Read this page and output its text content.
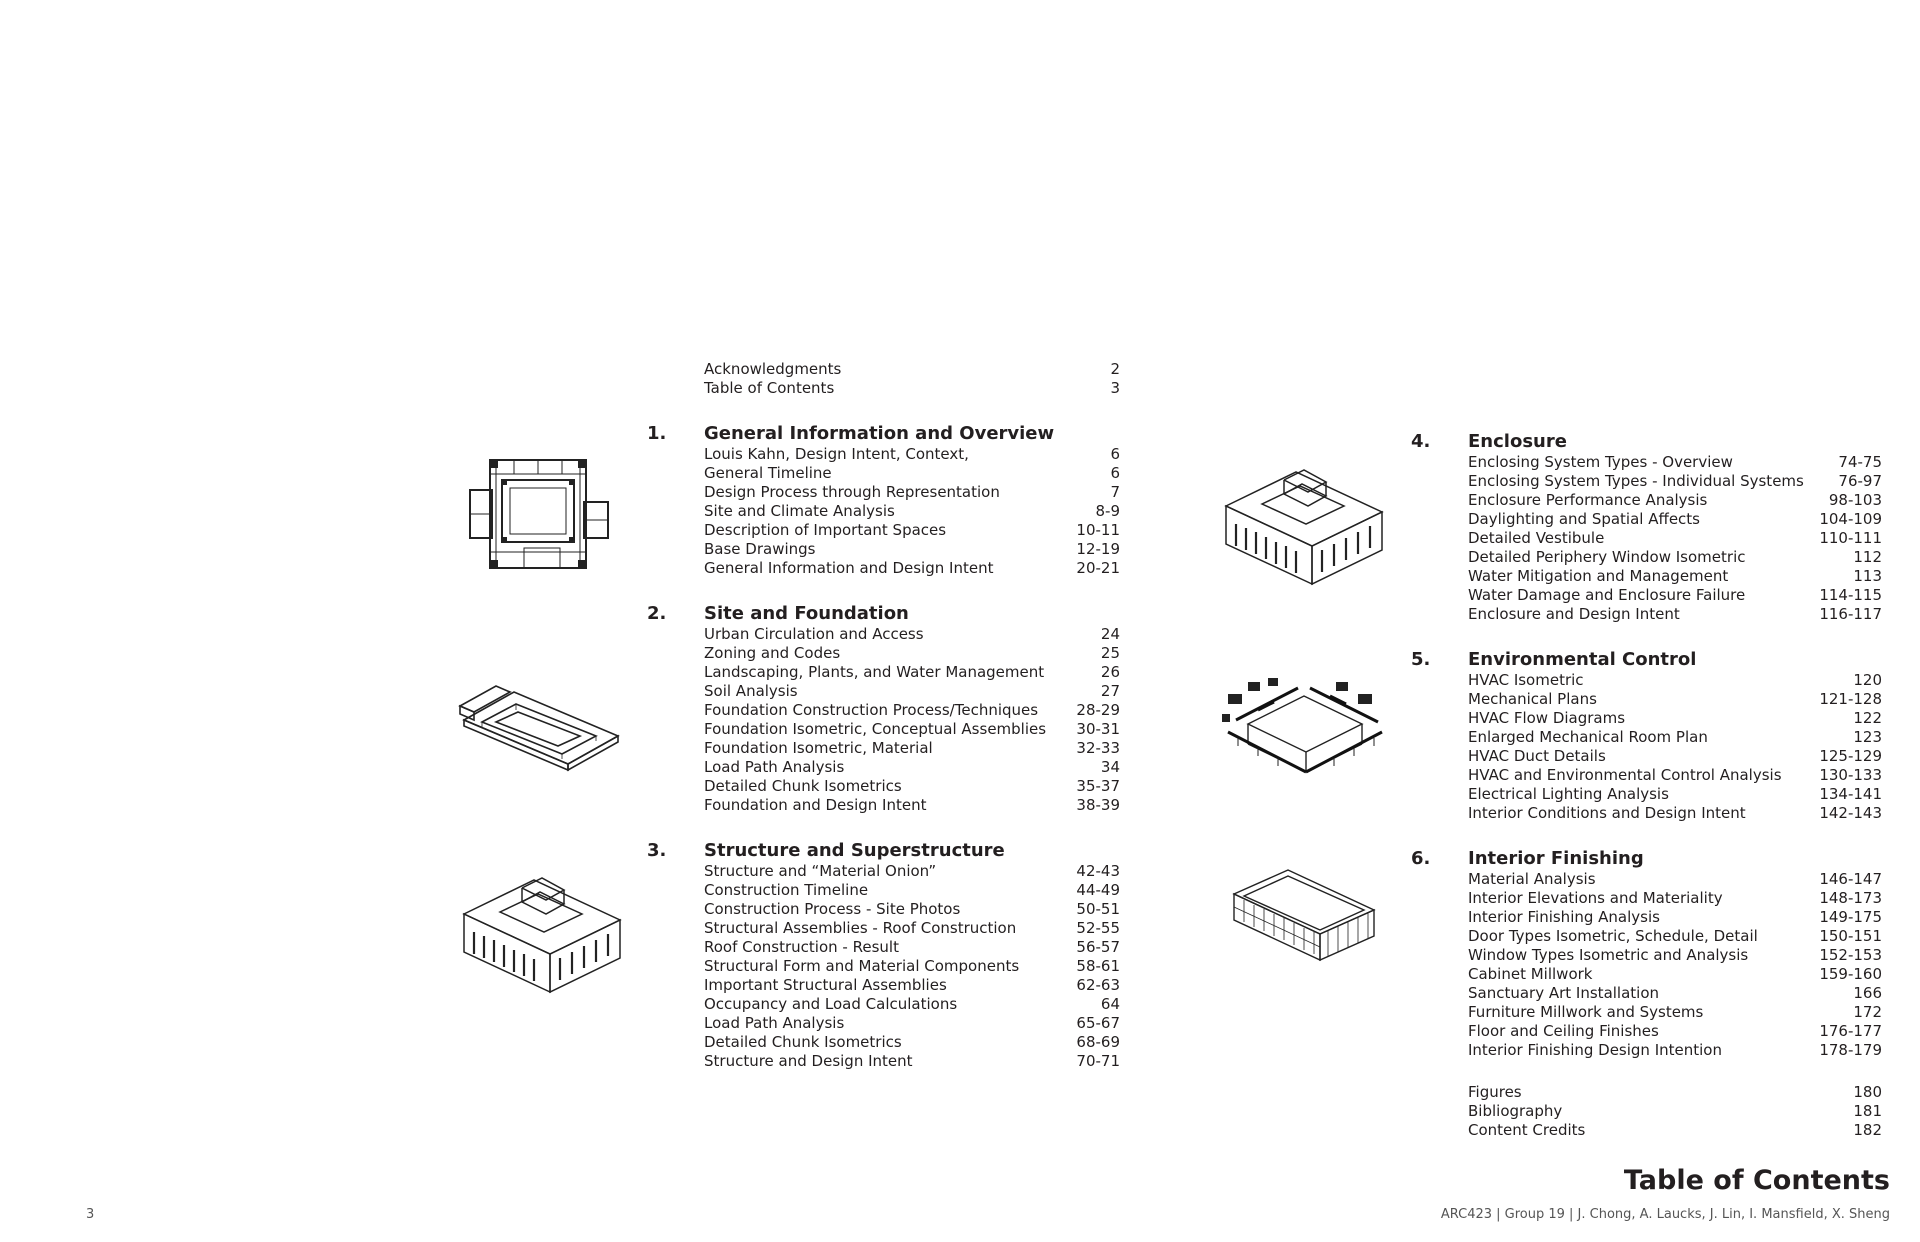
Acknowledgments	2
Table of Contents	3
1. General Information and Overview
Louis Kahn, Design Intent, Context,	6
General Timeline	6
Design Process through Representation	7
Site and Climate Analysis	8-9
Description of Important Spaces	10-11
Base Drawings	12-19
General Information and Design Intent	20-21
2. Site and Foundation
Urban Circulation and Access	24
Zoning and Codes	25
Landscaping, Plants, and Water Management	26
Soil Analysis	27
Foundation Construction Process/Techniques	28-29
Foundation Isometric, Conceptual Assemblies 30-31
Foundation Isometric, Material	32-33
Load Path Analysis	34
Detailed Chunk Isometrics	35-37
Foundation and Design Intent	38-39
3. Structure and Superstructure
Structure and “Material Onion”	42-43
Construction Timeline	44-49
Construction Process - Site Photos	50-51
Structural Assemblies - Roof Construction	52-55
Roof Construction - Result	56-57
Structural Form and Material Components	58-61
Important Structural Assemblies	62-63
Occupancy and Load Calculations	64
Load Path Analysis	65-67
Detailed Chunk Isometrics	68-69
Structure and Design Intent	70-71
4. Enclosure
Enclosing System Types - Overview	74-75
Enclosing System Types - Individual Systems 76-97
Enclosure Performance Analysis	98-103
Daylighting and Spatial Affects	104-109
Detailed Vestibule	110-111
Detailed Periphery Window Isometric	112
Water Mitigation and Management	113
Water Damage and Enclosure Failure	114-115
Enclosure and Design Intent	116-117
5. Environmental Control
HVAC Isometric	120
Mechanical Plans	121-128
HVAC Flow Diagrams	122
Enlarged Mechanical Room Plan	123
HVAC Duct Details	125-129
HVAC and Environmental Control Analysis	130-133
Electrical Lighting Analysis	134-141
Interior Conditions and Design Intent	142-143
6. Interior Finishing
Material Analysis	146-147
Interior Elevations and Materiality	148-173
Interior Finishing Analysis	149-175
Door Types Isometric, Schedule, Detail	150-151
Window Types Isometric and Analysis	152-153
Cabinet Millwork	159-160
Sanctuary Art Installation	166
Furniture Millwork and Systems	172
Floor and Ceiling Finishes	176-177
Interior Finishing Design Intention	178-179
Figures	180
Bibliography	181
Content Credits	182
Table of Contents
3	ARC423 | Group 19 | J. Chong, A. Laucks, J. Lin, I. Mansfield, X. Sheng
